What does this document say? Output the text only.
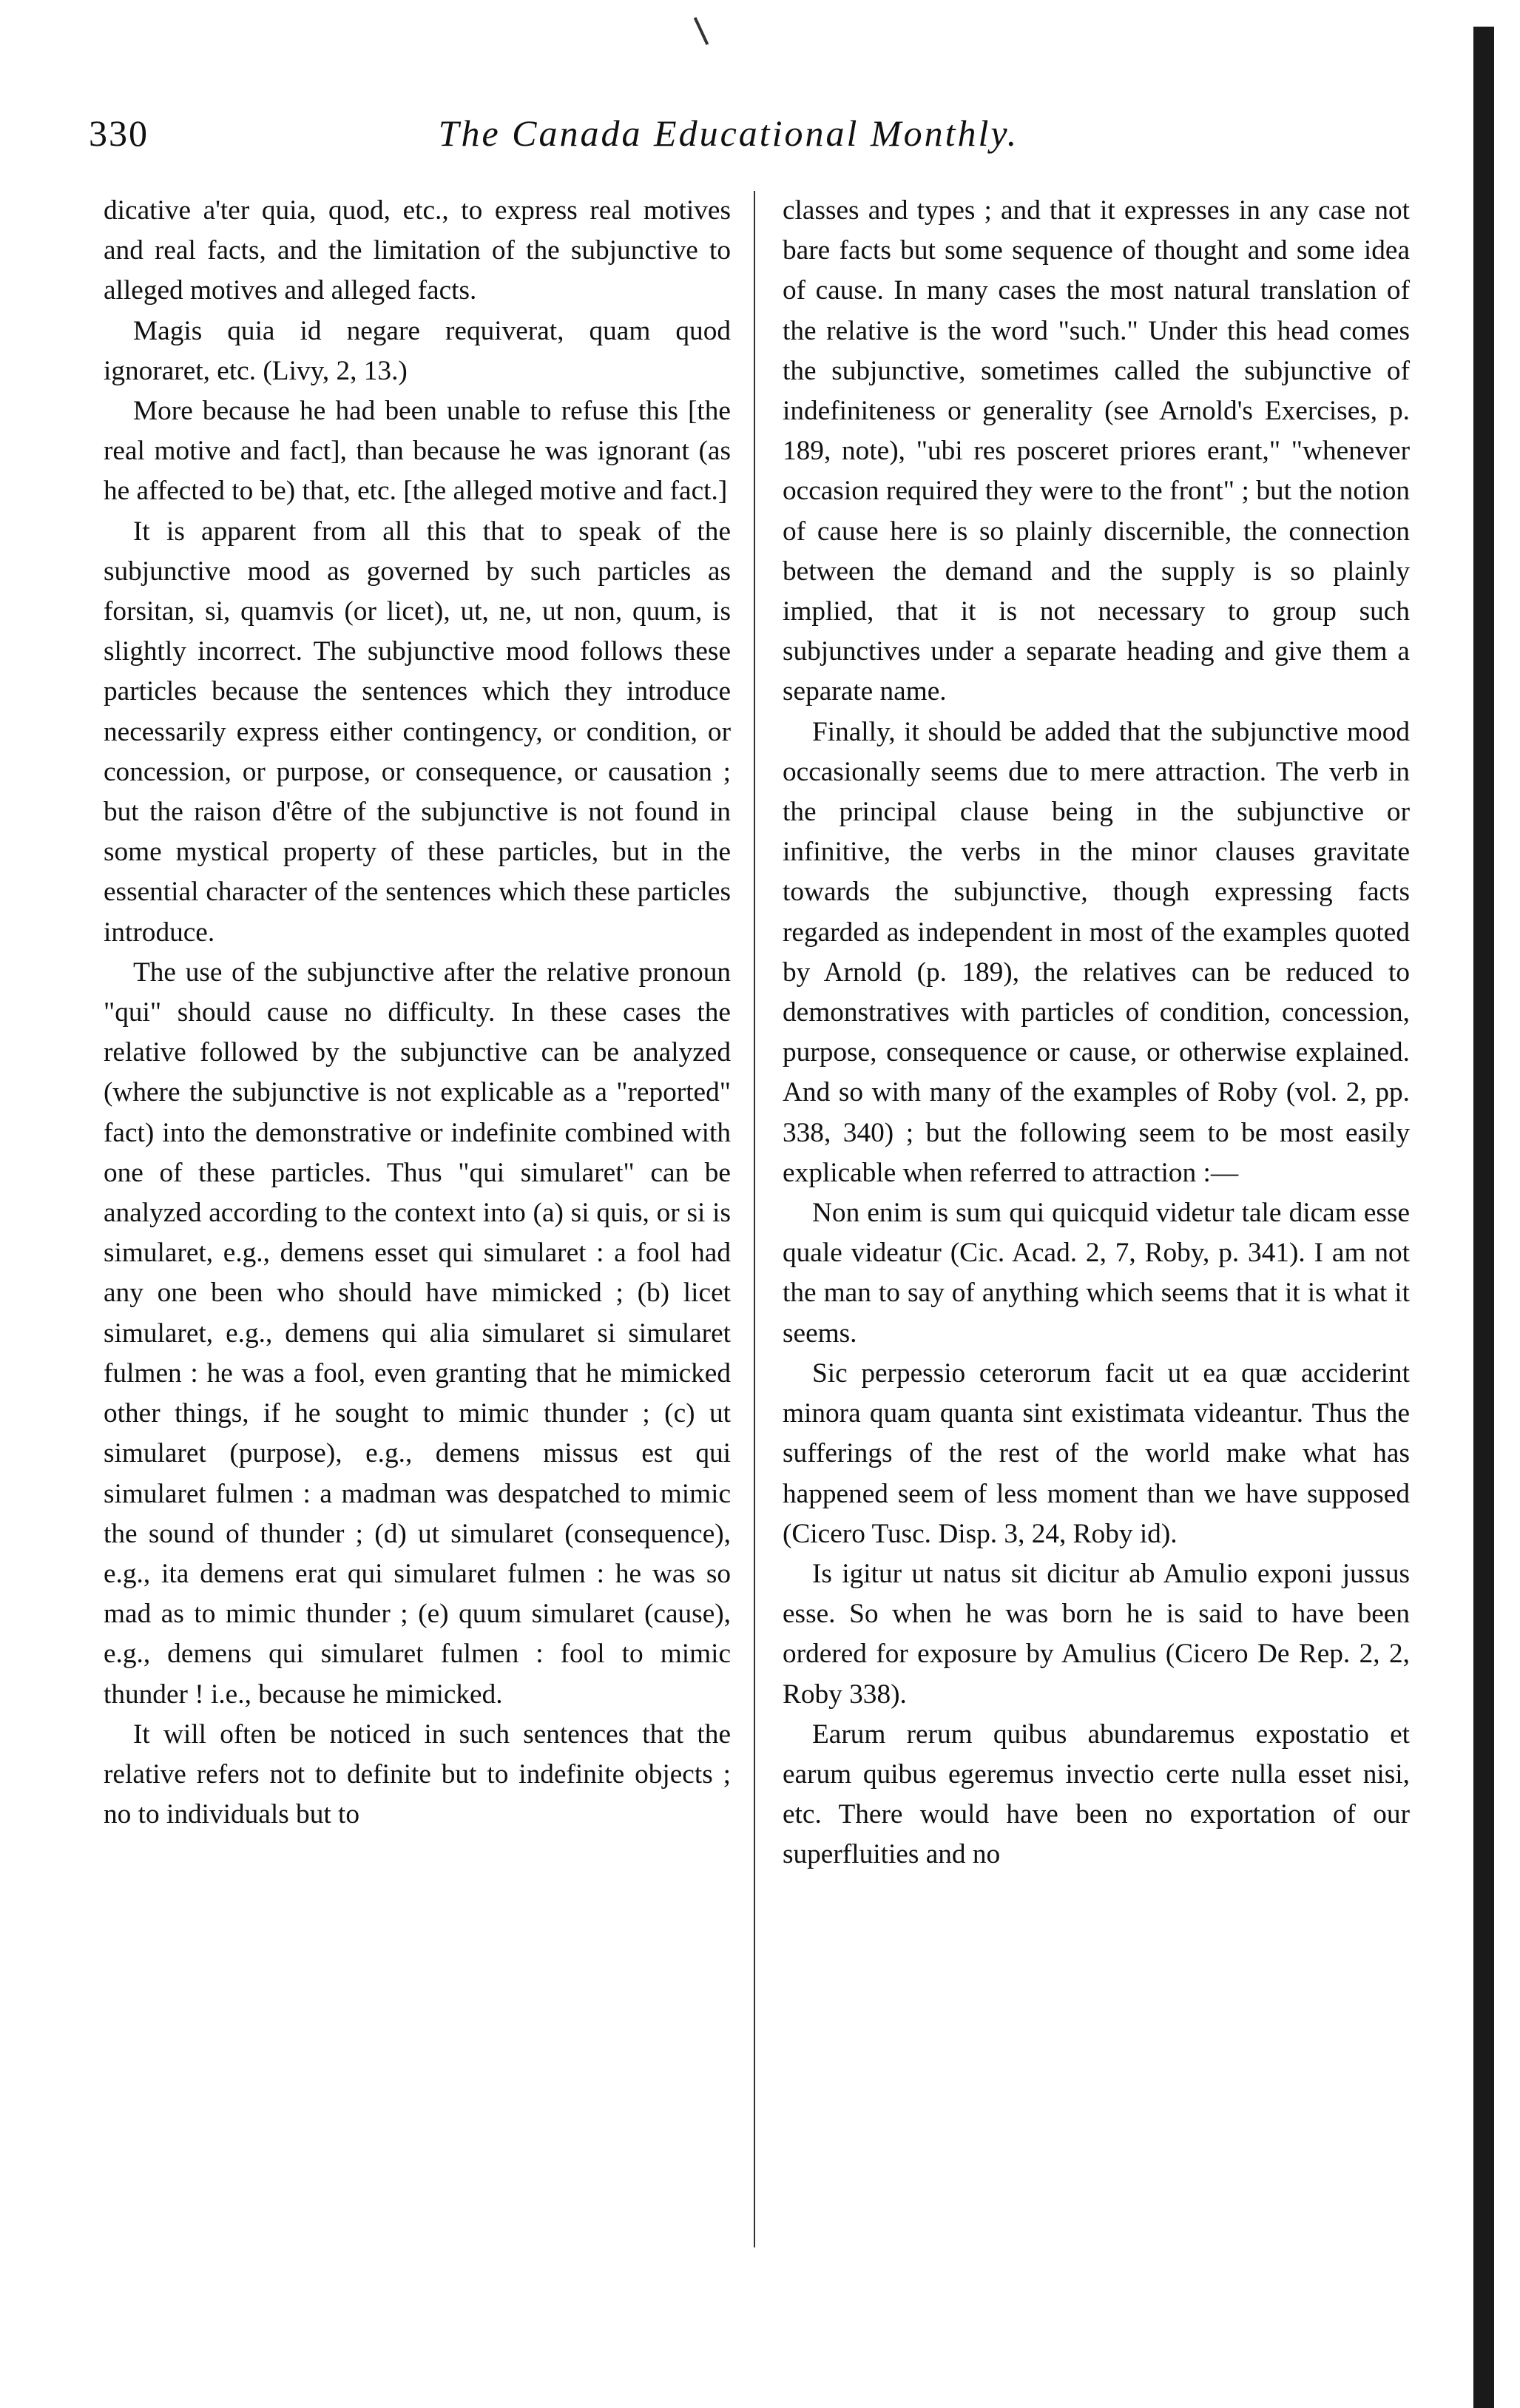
330	The Canada Educational Monthly.

dicative a'ter quia, quod, etc., to express real motives and real facts, and the limitation of the subjunctive to alleged motives and alleged facts.

Magis quia id negare requiverat, quam quod ignoraret, etc. (Livy, 2, 13.)

More because he had been unable to refuse this [the real motive and fact], than because he was ignorant (as he affected to be) that, etc. [the alleged motive and fact.]

It is apparent from all this that to speak of the subjunctive mood as governed by such particles as forsitan, si, quamvis (or licet), ut, ne, ut non, quum, is slightly incorrect. The subjunctive mood follows these particles because the sentences which they introduce necessarily express either contingency, or condition, or concession, or purpose, or consequence, or causation ; but the raison d'être of the subjunctive is not found in some mystical property of these particles, but in the essential character of the sentences which these particles introduce.

The use of the subjunctive after the relative pronoun "qui" should cause no difficulty. In these cases the relative followed by the subjunctive can be analyzed (where the subjunctive is not explicable as a "reported" fact) into the demonstrative or indefinite combined with one of these particles. Thus "qui simularet" can be analyzed according to the context into (a) si quis, or si is simularet, e.g., demens esset qui simularet : a fool had any one been who should have mimicked ; (b) licet simularet, e.g., demens qui alia simularet si simularet fulmen : he was a fool, even granting that he mimicked other things, if he sought to mimic thunder ; (c) ut simularet (purpose), e.g., demens missus est qui simularet fulmen : a madman was despatched to mimic the sound of thunder ; (d) ut simularet (consequence), e.g., ita demens erat qui simularet fulmen : he was so mad as to mimic thunder ; (e) quum simularet (cause), e.g., demens qui simularet fulmen : fool to mimic thunder ! i.e., because he mimicked.

It will often be noticed in such sentences that the relative refers not to definite but to indefinite objects ; no to individuals but to

classes and types ; and that it expresses in any case not bare facts but some sequence of thought and some idea of cause. In many cases the most natural translation of the relative is the word "such." Under this head comes the subjunctive, sometimes called the subjunctive of indefiniteness or generality (see Arnold's Exercises, p. 189, note), "ubi res posceret priores erant," "whenever occasion required they were to the front" ; but the notion of cause here is so plainly discernible, the connection between the demand and the supply is so plainly implied, that it is not necessary to group such subjunctives under a separate heading and give them a separate name.

Finally, it should be added that the subjunctive mood occasionally seems due to mere attraction. The verb in the principal clause being in the subjunctive or infinitive, the verbs in the minor clauses gravitate towards the subjunctive, though expressing facts regarded as independent in most of the examples quoted by Arnold (p. 189), the relatives can be reduced to demonstratives with particles of condition, concession, purpose, consequence or cause, or otherwise explained. And so with many of the examples of Roby (vol. 2, pp. 338, 340) ; but the following seem to be most easily explicable when referred to attraction :—

Non enim is sum qui quicquid videtur tale dicam esse quale videatur (Cic. Acad. 2, 7, Roby, p. 341). I am not the man to say of anything which seems that it is what it seems.

Sic perpessio ceterorum facit ut ea quæ acciderint minora quam quanta sint existimata videantur. Thus the sufferings of the rest of the world make what has happened seem of less moment than we have supposed (Cicero Tusc. Disp. 3, 24, Roby id).

Is igitur ut natus sit dicitur ab Amulio exponi jussus esse. So when he was born he is said to have been ordered for exposure by Amulius (Cicero De Rep. 2, 2, Roby 338).

Earum rerum quibus abundaremus expostatio et earum quibus egeremus invectio certe nulla esset nisi, etc. There would have been no exportation of our superfluities and no
